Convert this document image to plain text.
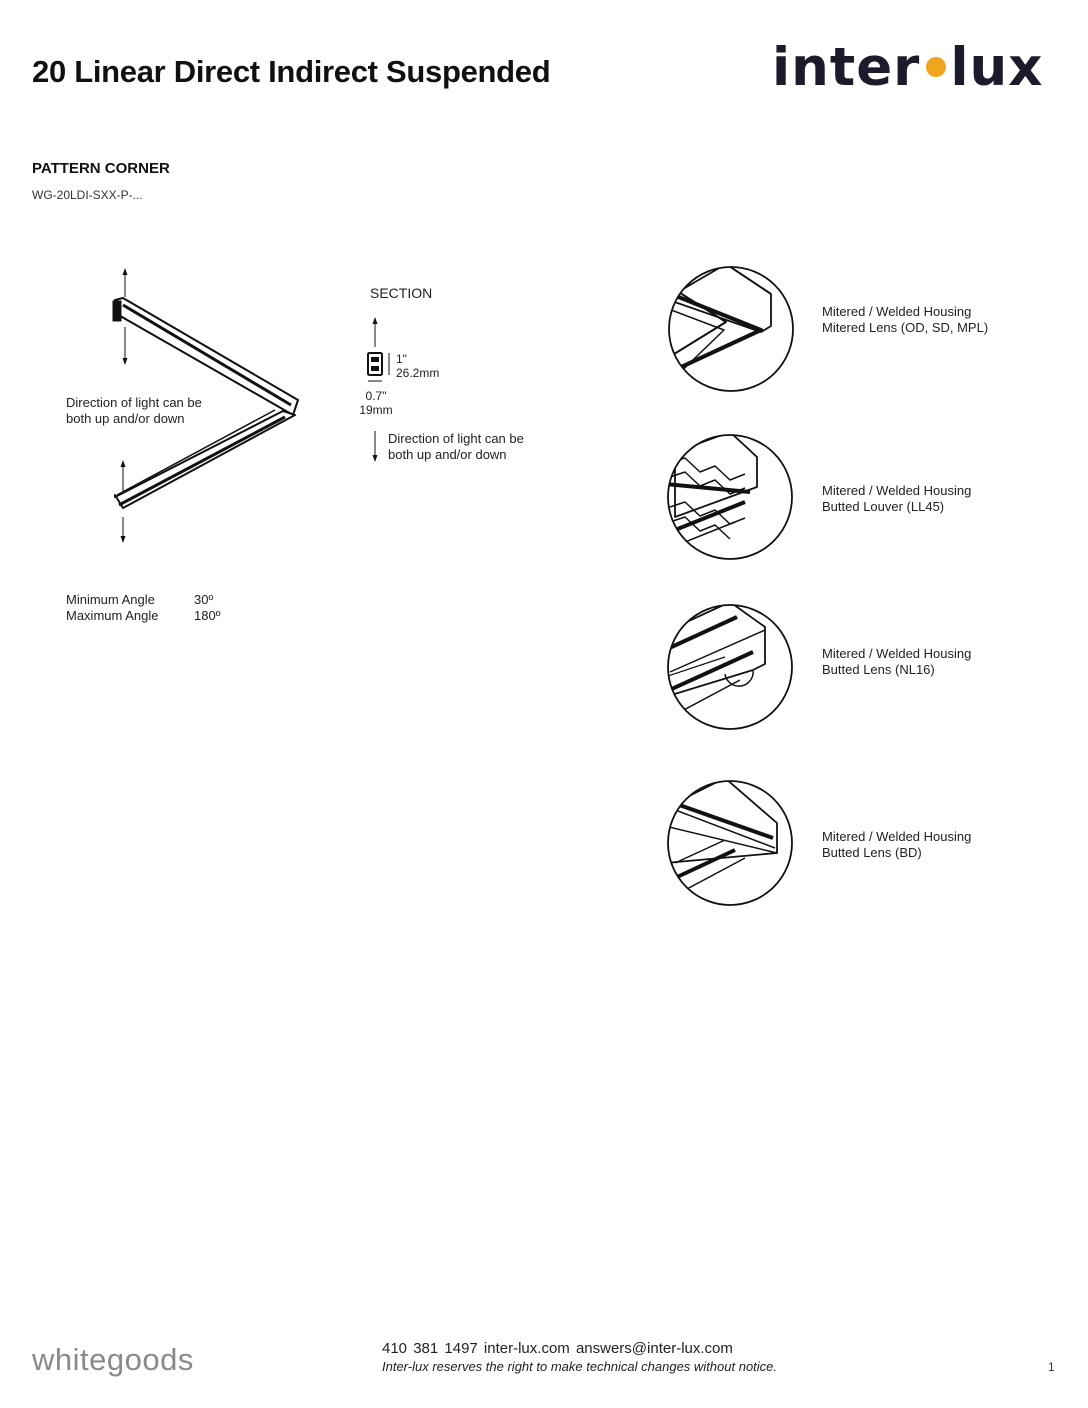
20 Linear Direct Indirect Suspended	inter lux
PATTERN CORNER
WG-20LDI-SXX-P-...
Direction of light can be
both up and/or down
SECTION
1"
26.2mm
0.7"
19mm
Direction of light can be
both up and/or down
Minimum Angle	30º
Maximum Angle	180º
Mitered / Welded Housing
Mitered Lens (OD, SD, MPL)
Mitered / Welded Housing
Butted Louver (LL45)
Mitered / Welded Housing
Butted Lens (NL16)
Mitered / Welded Housing
Butted Lens (BD)
whitegoods	410 381 1497 inter-lux.com answers@inter-lux.com
Inter-lux reserves the right to make technical changes without notice.	1
